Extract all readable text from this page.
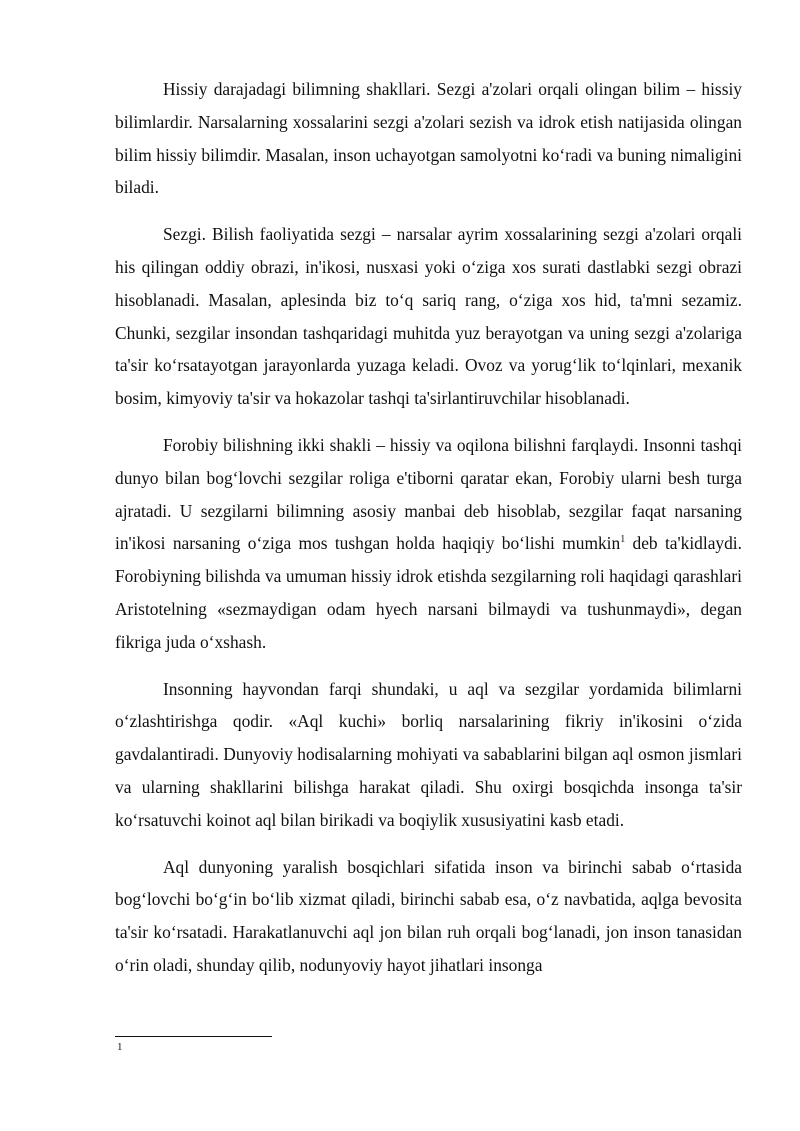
Hissiy darajadagi bilimning shakllari. Sezgi a'zolari orqali olingan bilim – hissiy bilimlardir. Narsalarning xossalarini sezgi a'zolari sezish va idrok etish natijasida olingan bilim hissiy bilimdir. Masalan, inson uchayotgan samolyotni ko‘radi va buning nimaligini biladi.

Sezgi. Bilish faoliyatida sezgi – narsalar ayrim xossalarining sezgi a'zolari orqali his qilingan oddiy obrazi, in'ikosi, nusxasi yoki o‘ziga xos surati dastlabki sezgi obrazi hisoblanadi. Masalan, aplesinda biz to‘q sariq rang, o‘ziga xos hid, ta'mni sezamiz. Chunki, sezgilar insondan tashqaridagi muhitda yuz berayotgan va uning sezgi a'zolariga ta'sir ko‘rsatayotgan jarayonlarda yuzaga keladi. Ovoz va yorug‘lik to‘lqinlari, mexanik bosim, kimyoviy ta'sir va hokazolar tashqi ta'sirlantiruvchilar hisoblanadi.

Forobiy bilishning ikki shakli – hissiy va oqilona bilishni farqlaydi. Insonni tashqi dunyo bilan bog‘lovchi sezgilar roliga e'tiborni qaratar ekan, Forobiy ularni besh turga ajratadi. U sezgilarni bilimning asosiy manbai deb hisoblab, sezgilar faqat narsaning in'ikosi narsaning o‘ziga mos tushgan holda haqiqiy bo‘lishi mumkin$^1$ deb ta'kidlaydi. Forobiyning bilishda va umuman hissiy idrok etishda sezgilarning roli haqidagi qarashlari Aristotelning «sezmaydigan odam hyech narsani bilmaydi va tushunmaydi», degan fikriga juda o‘xshash.

Insonning hayvondan farqi shundaki, u aql va sezgilar yordamida bilimlarni o‘zlashtirishga qodir. «Aql kuchi» borliq narsalarining fikriy in'ikosini o‘zida gavdalantiradi. Dunyoviy hodisalarning mohiyati va sabablarini bilgan aql osmon jismlari va ularning shakllarini bilishga harakat qiladi. Shu oxirgi bosqichda insonga ta'sir ko‘rsatuvchi koinot aql bilan birikadi va boqiylik xususiyatini kasb etadi.

Aql dunyoning yaralish bosqichlari sifatida inson va birinchi sabab o‘rtasida bog‘lovchi bo‘g‘in bo‘lib xizmat qiladi, birinchi sabab esa, o‘z navbatida, aqlga bevosita ta'sir ko‘rsatadi. Harakatlanuvchi aql jon bilan ruh orqali bog‘lanadi, jon inson tanasidan o‘rin oladi, shunday qilib, nodunyoviy hayot jihatlari insonga

1
